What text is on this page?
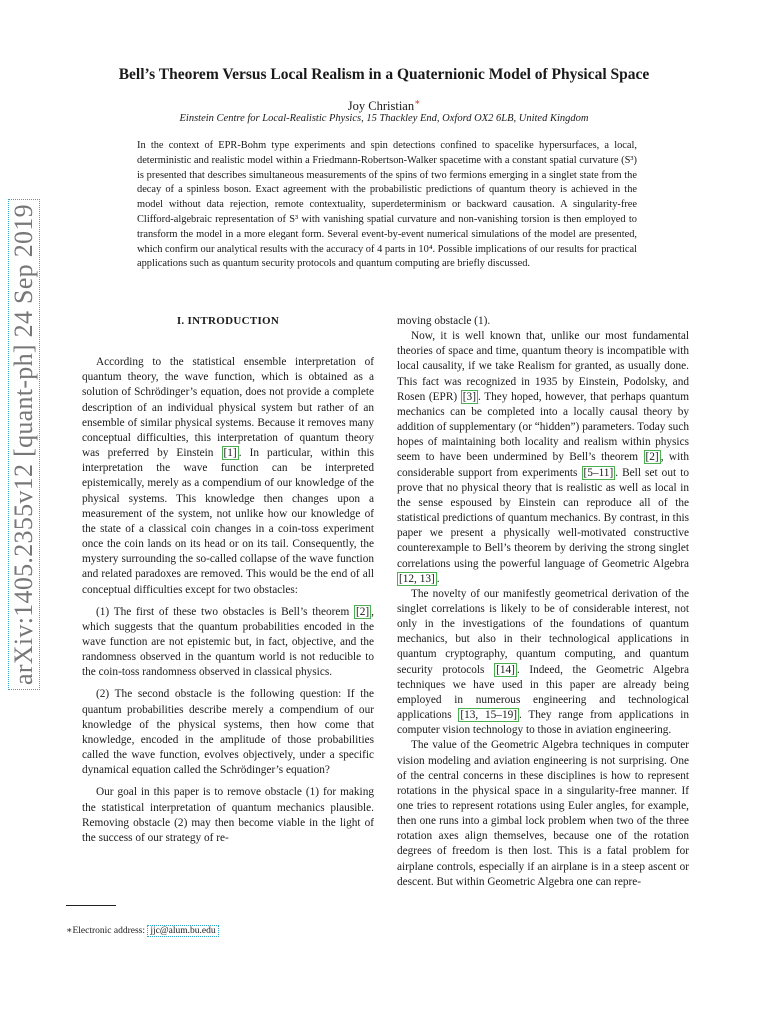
arXiv:1405.2355v12 [quant-ph] 24 Sep 2019
Bell’s Theorem Versus Local Realism in a Quaternionic Model of Physical Space
Joy Christian∗
Einstein Centre for Local-Realistic Physics, 15 Thackley End, Oxford OX2 6LB, United Kingdom
In the context of EPR-Bohm type experiments and spin detections confined to spacelike hypersurfaces, a local, deterministic and realistic model within a Friedmann-Robertson-Walker spacetime with a constant spatial curvature (S³) is presented that describes simultaneous measurements of the spins of two fermions emerging in a singlet state from the decay of a spinless boson. Exact agreement with the probabilistic predictions of quantum theory is achieved in the model without data rejection, remote contextuality, superdeterminism or backward causation. A singularity-free Clifford-algebraic representation of S³ with vanishing spatial curvature and non-vanishing torsion is then employed to transform the model in a more elegant form. Several event-by-event numerical simulations of the model are presented, which confirm our analytical results with the accuracy of 4 parts in 10⁴. Possible implications of our results for practical applications such as quantum security protocols and quantum computing are briefly discussed.
I. INTRODUCTION

According to the statistical ensemble interpretation of quantum theory, the wave function, which is obtained as a solution of Schrödinger’s equation, does not provide a complete description of an individual physical system but rather of an ensemble of similar physical systems. Because it removes many conceptual difficulties, this interpretation of quantum theory was preferred by Einstein [1] . In particular, within this interpretation the wave function can be interpreted epistemically, merely as a compendium of our knowledge of the physical systems. This knowledge then changes upon a measurement of the system, not unlike how our knowledge of the state of a classical coin changes in a coin-toss experiment once the coin lands on its head or on its tail. Consequently, the mystery surrounding the so-called collapse of the wave function and related paradoxes are removed. This would be the end of all conceptual difficulties except for two obstacles:

(1) The first of these two obstacles is Bell’s theorem [2] , which suggests that the quantum probabilities encoded in the wave function are not epistemic but, in fact, objective, and the randomness observed in the quantum world is not reducible to the coin-toss randomness observed in classical physics.

(2) The second obstacle is the following question: If the quantum probabilities describe merely a compendium of our knowledge of the physical systems, then how come that knowledge, encoded in the amplitude of those probabilities called the wave function, evolves objectively, under a specific dynamical equation called the Schrödinger’s equation?

Our goal in this paper is to remove obstacle (1) for making the statistical interpretation of quantum mechanics plausible. Removing obstacle (2) may then become viable in the light of the success of our strategy of re-

moving obstacle (1).

Now, it is well known that, unlike our most fundamental theories of space and time, quantum theory is incompatible with local causality, if we take Realism for granted, as usually done. This fact was recognized in 1935 by Einstein, Podolsky, and Rosen (EPR) [3] . They hoped, however, that perhaps quantum mechanics can be completed into a locally causal theory by addition of supplementary (or “hidden”) parameters. Today such hopes of maintaining both locality and realism within physics seem to have been undermined by Bell’s theorem [2] , with considerable support from experiments [5–11] . Bell set out to prove that no physical theory that is realistic as well as local in the sense espoused by Einstein can reproduce all of the statistical predictions of quantum mechanics. By contrast, in this paper we present a physically well-motivated constructive counterexample to Bell’s theorem by deriving the strong singlet correlations using the powerful language of Geometric Algebra [12, 13] .

The novelty of our manifestly geometrical derivation of the singlet correlations is likely to be of considerable interest, not only in the investigations of the foundations of quantum mechanics, but also in their technological applications in quantum cryptography, quantum computing, and quantum security protocols [14] . Indeed, the Geometric Algebra techniques we have used in this paper are already being employed in numerous engineering and technological applications [13, 15–19] . They range from applications in computer vision technology to those in aviation engineering.

The value of the Geometric Algebra techniques in computer vision modeling and aviation engineering is not surprising. One of the central concerns in these disciplines is how to represent rotations in the physical space in a singularity-free manner. If one tries to represent rotations using Euler angles, for example, then one runs into a gimbal lock problem when two of the three rotation axes align themselves, because one of the rotation degrees of freedom is then lost. This is a fatal problem for airplane controls, especially if an airplane is in a steep ascent or descent. But within Geometric Algebra one can repre-

∗Electronic address: jjc@alum.bu.edu
